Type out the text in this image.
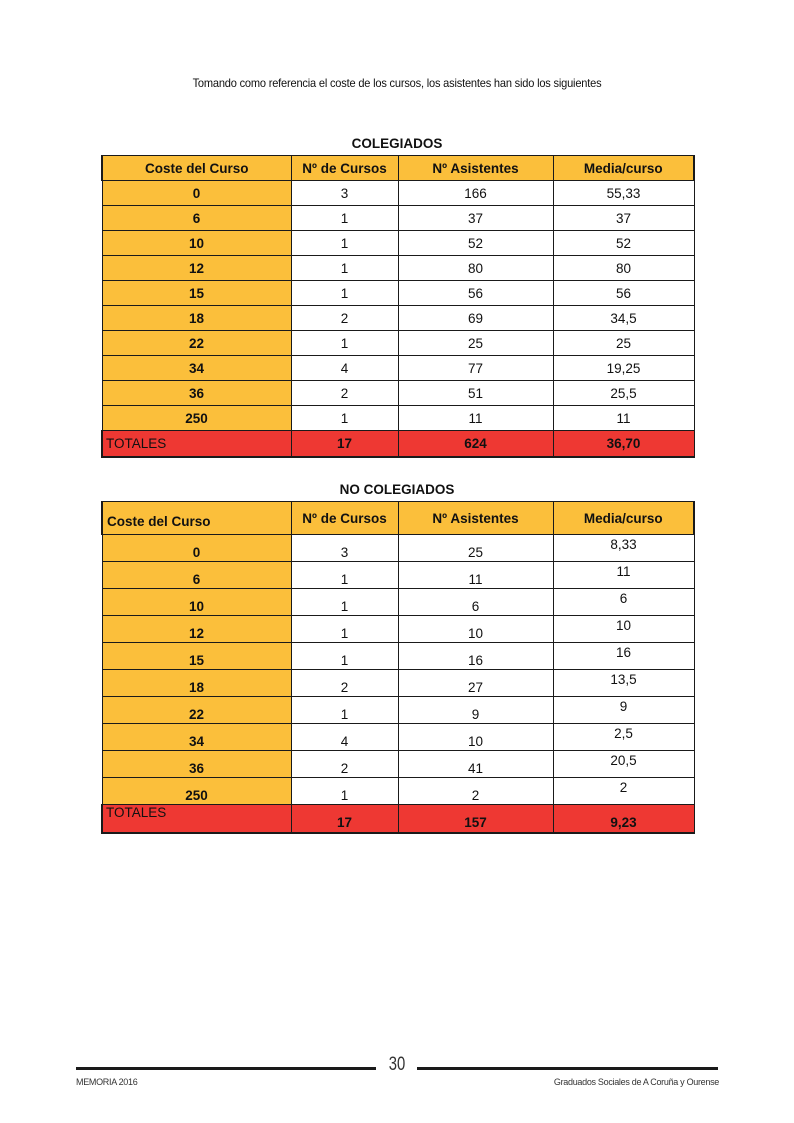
Tomando como referencia el coste de los cursos, los asistentes han sido los siguientes
COLEGIADOS
Coste del Curso	Nº de Cursos	Nº Asistentes	Media/curso
0	3	166	55,33
6	1	37	37
10	1	52	52
12	1	80	80
15	1	56	56
18	2	69	34,5
22	1	25	25
34	4	77	19,25
36	2	51	25,5
250	1	11	11
TOTALES	17	624	36,70
NO COLEGIADOS
Coste del Curso	Nº de Cursos	Nº Asistentes	Media/curso
0	3	25	8,33
6	1	11	11
10	1	6	6
12	1	10	10
15	1	16	16
18	2	27	13,5
22	1	9	9
34	4	10	2,5
36	2	41	20,5
250	1	2	2
TOTALES	17	157	9,23
30
MEMORIA 2016	Graduados Sociales de A Coruña y Ourense
